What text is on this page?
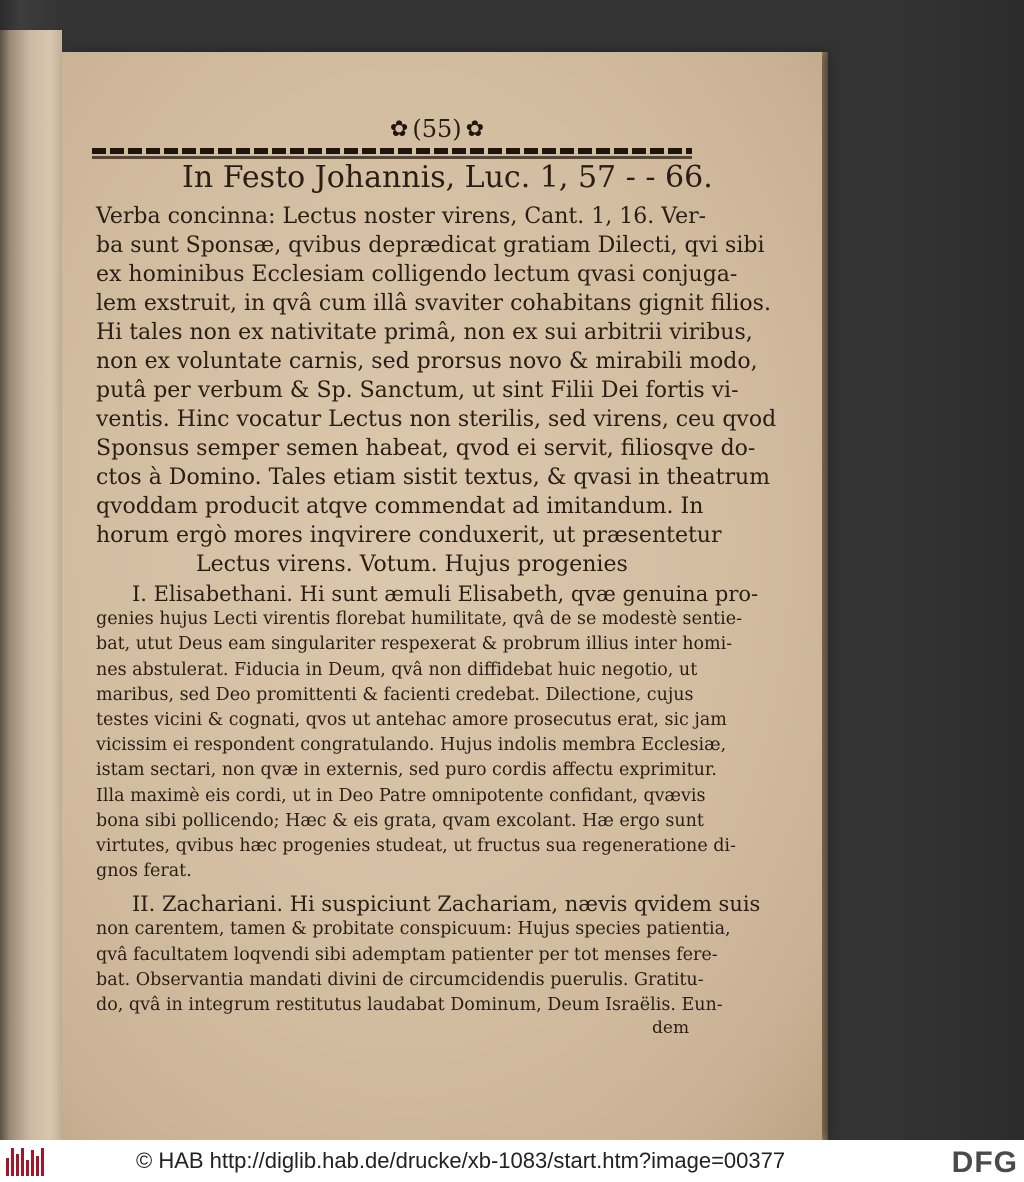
✿ (55) ✿
In Festo Johannis, Luc. 1, 57 - - 66.
Verba concinna: Lectus noster virens, Cant. 1, 16. Ver-
ba sunt Sponsæ, qvibus deprædicat gratiam Dilecti, qvi sibi
ex hominibus Ecclesiam colligendo lectum qvasi conjuga-
lem exstruit, in qvâ cum illâ svaviter cohabitans gignit filios.
Hi tales non ex nativitate primâ, non ex sui arbitrii viribus,
non ex voluntate carnis, sed prorsus novo & mirabili modo,
putâ per verbum & Sp. Sanctum, ut sint Filii Dei fortis vi-
ventis. Hinc vocatur Lectus non sterilis, sed virens, ceu qvod
Sponsus semper semen habeat, qvod ei servit, filiosqve do-
ctos à Domino. Tales etiam sistit textus, & qvasi in theatrum
qvoddam producit atqve commendat ad imitandum. In
horum ergò mores inqvirere conduxerit, ut præsentetur
Lectus virens. Votum. Hujus progenies
I. Elisabethani. Hi sunt æmuli Elisabeth, qvæ genuina pro-
genies hujus Lecti virentis florebat humilitate, qvâ de se modestè sentie-
bat, utut Deus eam singulariter respexerat & probrum illius inter homi-
nes abstulerat. Fiducia in Deum, qvâ non diffidebat huic negotio, ut
maribus, sed Deo promittenti & facienti credebat. Dilectione, cujus
testes vicini & cognati, qvos ut antehac amore prosecutus erat, sic jam
vicissim ei respondent congratulando. Hujus indolis membra Ecclesiæ,
istam sectari, non qvæ in externis, sed puro cordis affectu exprimitur.
Illa maximè eis cordi, ut in Deo Patre omnipotente confidant, qvævis
bona sibi pollicendo; Hæc & eis grata, qvam excolant. Hæ ergo sunt
virtutes, qvibus hæc progenies studeat, ut fructus sua regeneratione di-
gnos ferat.
II. Zachariani. Hi suspiciunt Zachariam, nævis qvidem suis
non carentem, tamen & probitate conspicuum: Hujus species patientia,
qvâ facultatem loqvendi sibi ademptam patienter per tot menses fere-
bat. Observantia mandati divini de circumcidendis puerulis. Gratitu-
do, qvâ in integrum restitutus laudabat Dominum, Deum Israëlis. Eun-
dem
© HAB http://diglib.hab.de/drucke/xb-1083/start.htm?image=00377	DFG
